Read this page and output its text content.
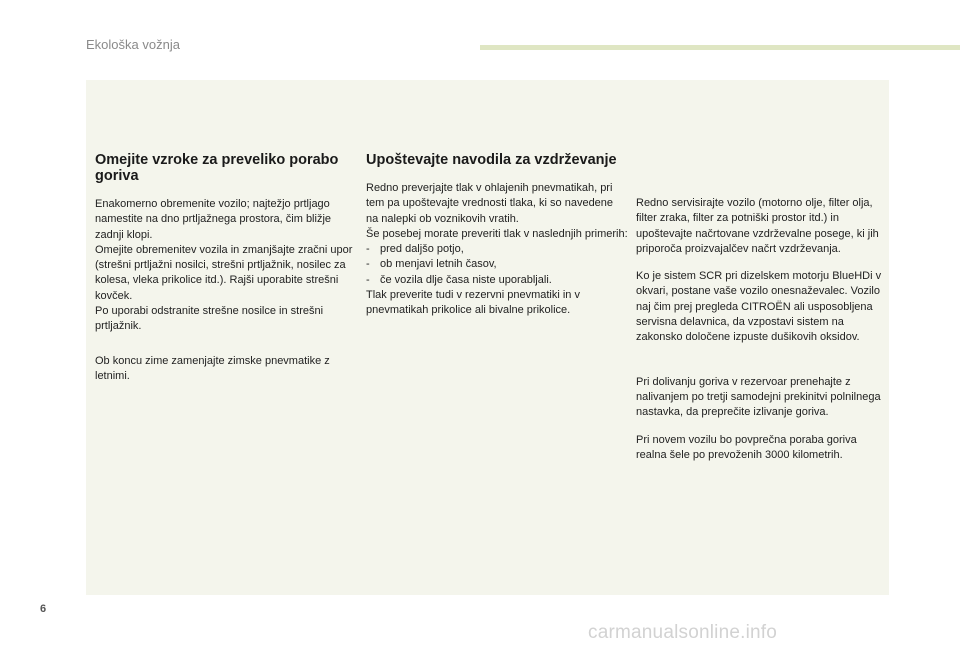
Ekološka vožnja
Omejite vzroke za preveliko porabo goriva

Enakomerno obremenite vozilo; najtežjo prtljago namestite na dno prtljažnega prostora, čim bližje zadnji klopi.

Omejite obremenitev vozila in zmanjšajte zračni upor (strešni prtljažni nosilci, strešni prtljažnik, nosilec za kolesa, vleka prikolice itd.). Rajši uporabite strešni kovček.

Po uporabi odstranite strešne nosilce in strešni prtljažnik.

Ob koncu zime zamenjajte zimske pnevmatike z letnimi.

Upoštevajte navodila za vzdrževanje

Redno preverjajte tlak v ohlajenih pnevmatikah, pri tem pa upoštevajte vrednosti tlaka, ki so navedene na nalepki ob voznikovih vratih.

Še posebej morate preveriti tlak v naslednjih primerih:

- pred daljšo potjo,
- ob menjavi letnih časov,
- če vozila dlje časa niste uporabljali.

Tlak preverite tudi v rezervni pnevmatiki in v pnevmatikah prikolice ali bivalne prikolice.

Redno servisirajte vozilo (motorno olje, filter olja, filter zraka, filter za potniški prostor itd.) in upoštevajte načrtovane vzdrževalne posege, ki jih priporoča proizvajalčev načrt vzdrževanja.

Ko je sistem SCR pri dizelskem motorju BlueHDi v okvari, postane vaše vozilo onesnaževalec. Vozilo naj čim prej pregleda CITROËN ali usposobljena servisna delavnica, da vzpostavi sistem na zakonsko določene izpuste dušikovih oksidov.

Pri dolivanju goriva v rezervoar prenehajte z nalivanjem po tretji samodejni prekinitvi polnilnega nastavka, da preprečite izlivanje goriva.

Pri novem vozilu bo povprečna poraba goriva realna šele po prevoženih 3000 kilometrih.

6
carmanualsonline.info
